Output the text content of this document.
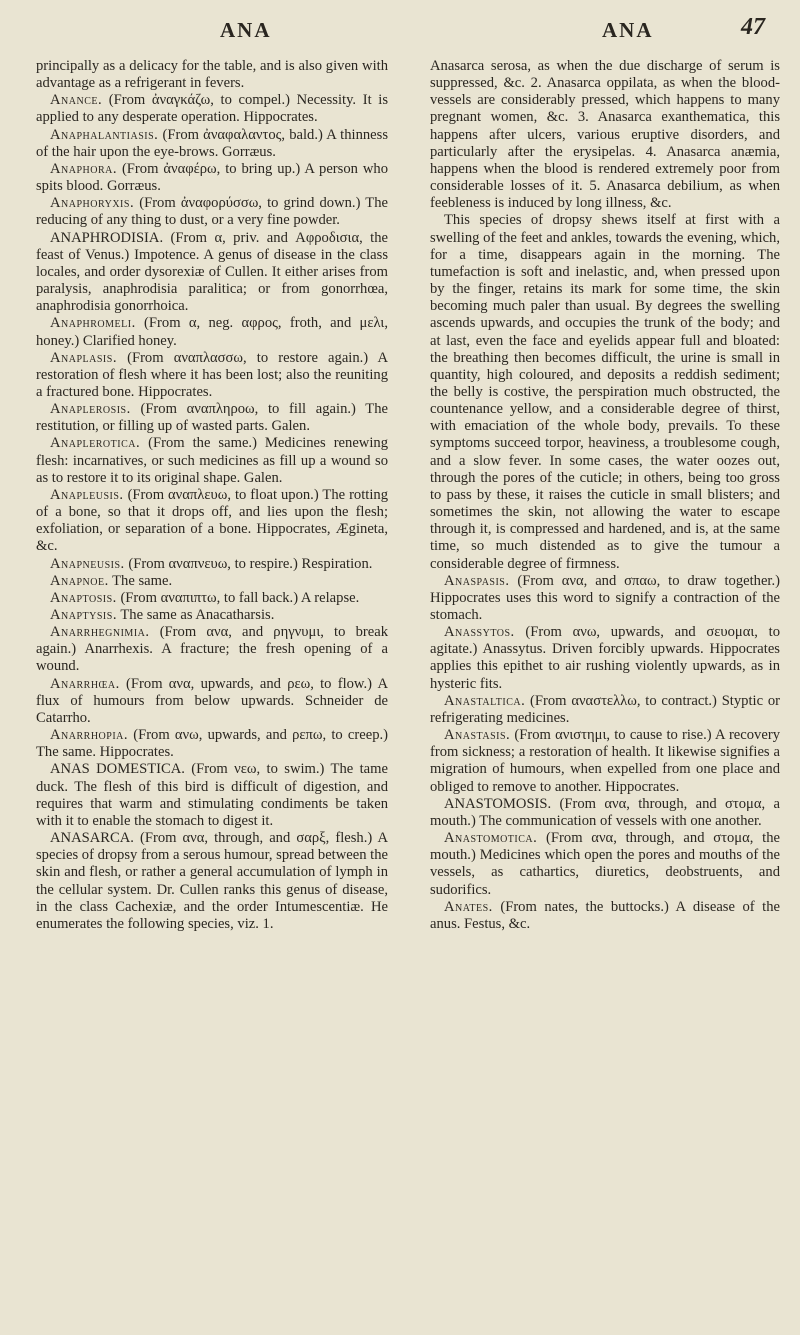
ANA	ANA	47

principally as a delicacy for the table, and is also given with advantage as a refrigerant in fevers.

Anance. (From ἀναγκάζω, to compel.) Necessity. It is applied to any desperate operation. Hippocrates.

Anaphalantiasis. (From ἀναφαλαντος, bald.) A thinness of the hair upon the eye-brows. Gorræus.

Anaphora. (From ἀναφέρω, to bring up.) A person who spits blood. Gorræus.

Anaphoryxis. (From ἀναφορύσσω, to grind down.) The reducing of any thing to dust, or a very fine powder.

ANAPHRODISIA. (From α, priv. and Αφροδισια, the feast of Venus.) Impotence. A genus of disease in the class locales, and order dysorexiæ of Cullen. It either arises from paralysis, anaphrodisia paralitica; or from gonorrhœa, anaphrodisia gonorrhoica.

Anaphromeli. (From α, neg. αφρος, froth, and μελι, honey.) Clarified honey.

Anaplasis. (From αναπλασσω, to restore again.) A restoration of flesh where it has been lost; also the reuniting a fractured bone. Hippocrates.

Anaplerosis. (From αναπληροω, to fill again.) The restitution, or filling up of wasted parts. Galen.

Anaplerotica. (From the same.) Medicines renewing flesh: incarnatives, or such medicines as fill up a wound so as to restore it to its original shape. Galen.

Anapleusis. (From αναπλευω, to float upon.) The rotting of a bone, so that it drops off, and lies upon the flesh; exfoliation, or separation of a bone. Hippocrates, Ægineta, &c.

Anapneusis. (From αναπνευω, to respire.) Respiration.

Anapnoe. The same.

Anaptosis. (From αναπιπτω, to fall back.) A relapse.

Anaptysis. The same as Anacatharsis.

Anarrhegnimia. (From ανα, and ρηγνυμι, to break again.) Anarrhexis. A fracture; the fresh opening of a wound.

Anarrhœa. (From ανα, upwards, and ρεω, to flow.) A flux of humours from below upwards. Schneider de Catarrho.

Anarrhopia. (From ανω, upwards, and ρεπω, to creep.) The same. Hippocrates.

ANAS DOMESTICA. (From νεω, to swim.) The tame duck. The flesh of this bird is difficult of digestion, and requires that warm and stimulating condiments be taken with it to enable the stomach to digest it.

ANASARCA. (From ανα, through, and σαρξ, flesh.) A species of dropsy from a serous humour, spread between the skin and flesh, or rather a general accumulation of lymph in the cellular system. Dr. Cullen ranks this genus of disease, in the class Cachexiæ, and the order Intumescentiæ. He enumerates the following species, viz. 1.

Anasarca serosa, as when the due discharge of serum is suppressed, &c. 2. Anasarca oppilata, as when the blood-vessels are considerably pressed, which happens to many pregnant women, &c. 3. Anasarca exanthematica, this happens after ulcers, various eruptive disorders, and particularly after the erysipelas. 4. Anasarca anæmia, happens when the blood is rendered extremely poor from considerable losses of it. 5. Anasarca debilium, as when feebleness is induced by long illness, &c.

This species of dropsy shews itself at first with a swelling of the feet and ankles, towards the evening, which, for a time, disappears again in the morning. The tumefaction is soft and inelastic, and, when pressed upon by the finger, retains its mark for some time, the skin becoming much paler than usual. By degrees the swelling ascends upwards, and occupies the trunk of the body; and at last, even the face and eyelids appear full and bloated: the breathing then becomes difficult, the urine is small in quantity, high coloured, and deposits a reddish sediment; the belly is costive, the perspiration much obstructed, the countenance yellow, and a considerable degree of thirst, with emaciation of the whole body, prevails. To these symptoms succeed torpor, heaviness, a troublesome cough, and a slow fever. In some cases, the water oozes out, through the pores of the cuticle; in others, being too gross to pass by these, it raises the cuticle in small blisters; and sometimes the skin, not allowing the water to escape through it, is compressed and hardened, and is, at the same time, so much distended as to give the tumour a considerable degree of firmness.

Anaspasis. (From ανα, and σπαω, to draw together.) Hippocrates uses this word to signify a contraction of the stomach.

Anassytos. (From ανω, upwards, and σευομαι, to agitate.) Anassytus. Driven forcibly upwards. Hippocrates applies this epithet to air rushing violently upwards, as in hysteric fits.

Anastaltica. (From αναστελλω, to contract.) Styptic or refrigerating medicines.

Anastasis. (From ανιστημι, to cause to rise.) A recovery from sickness; a restoration of health. It likewise signifies a migration of humours, when expelled from one place and obliged to remove to another. Hippocrates.

ANASTOMOSIS. (From ανα, through, and στομα, a mouth.) The communication of vessels with one another.

Anastomotica. (From ανα, through, and στομα, the mouth.) Medicines which open the pores and mouths of the vessels, as cathartics, diuretics, deobstruents, and sudorifics.

Anates. (From nates, the buttocks.) A disease of the anus. Festus, &c.
